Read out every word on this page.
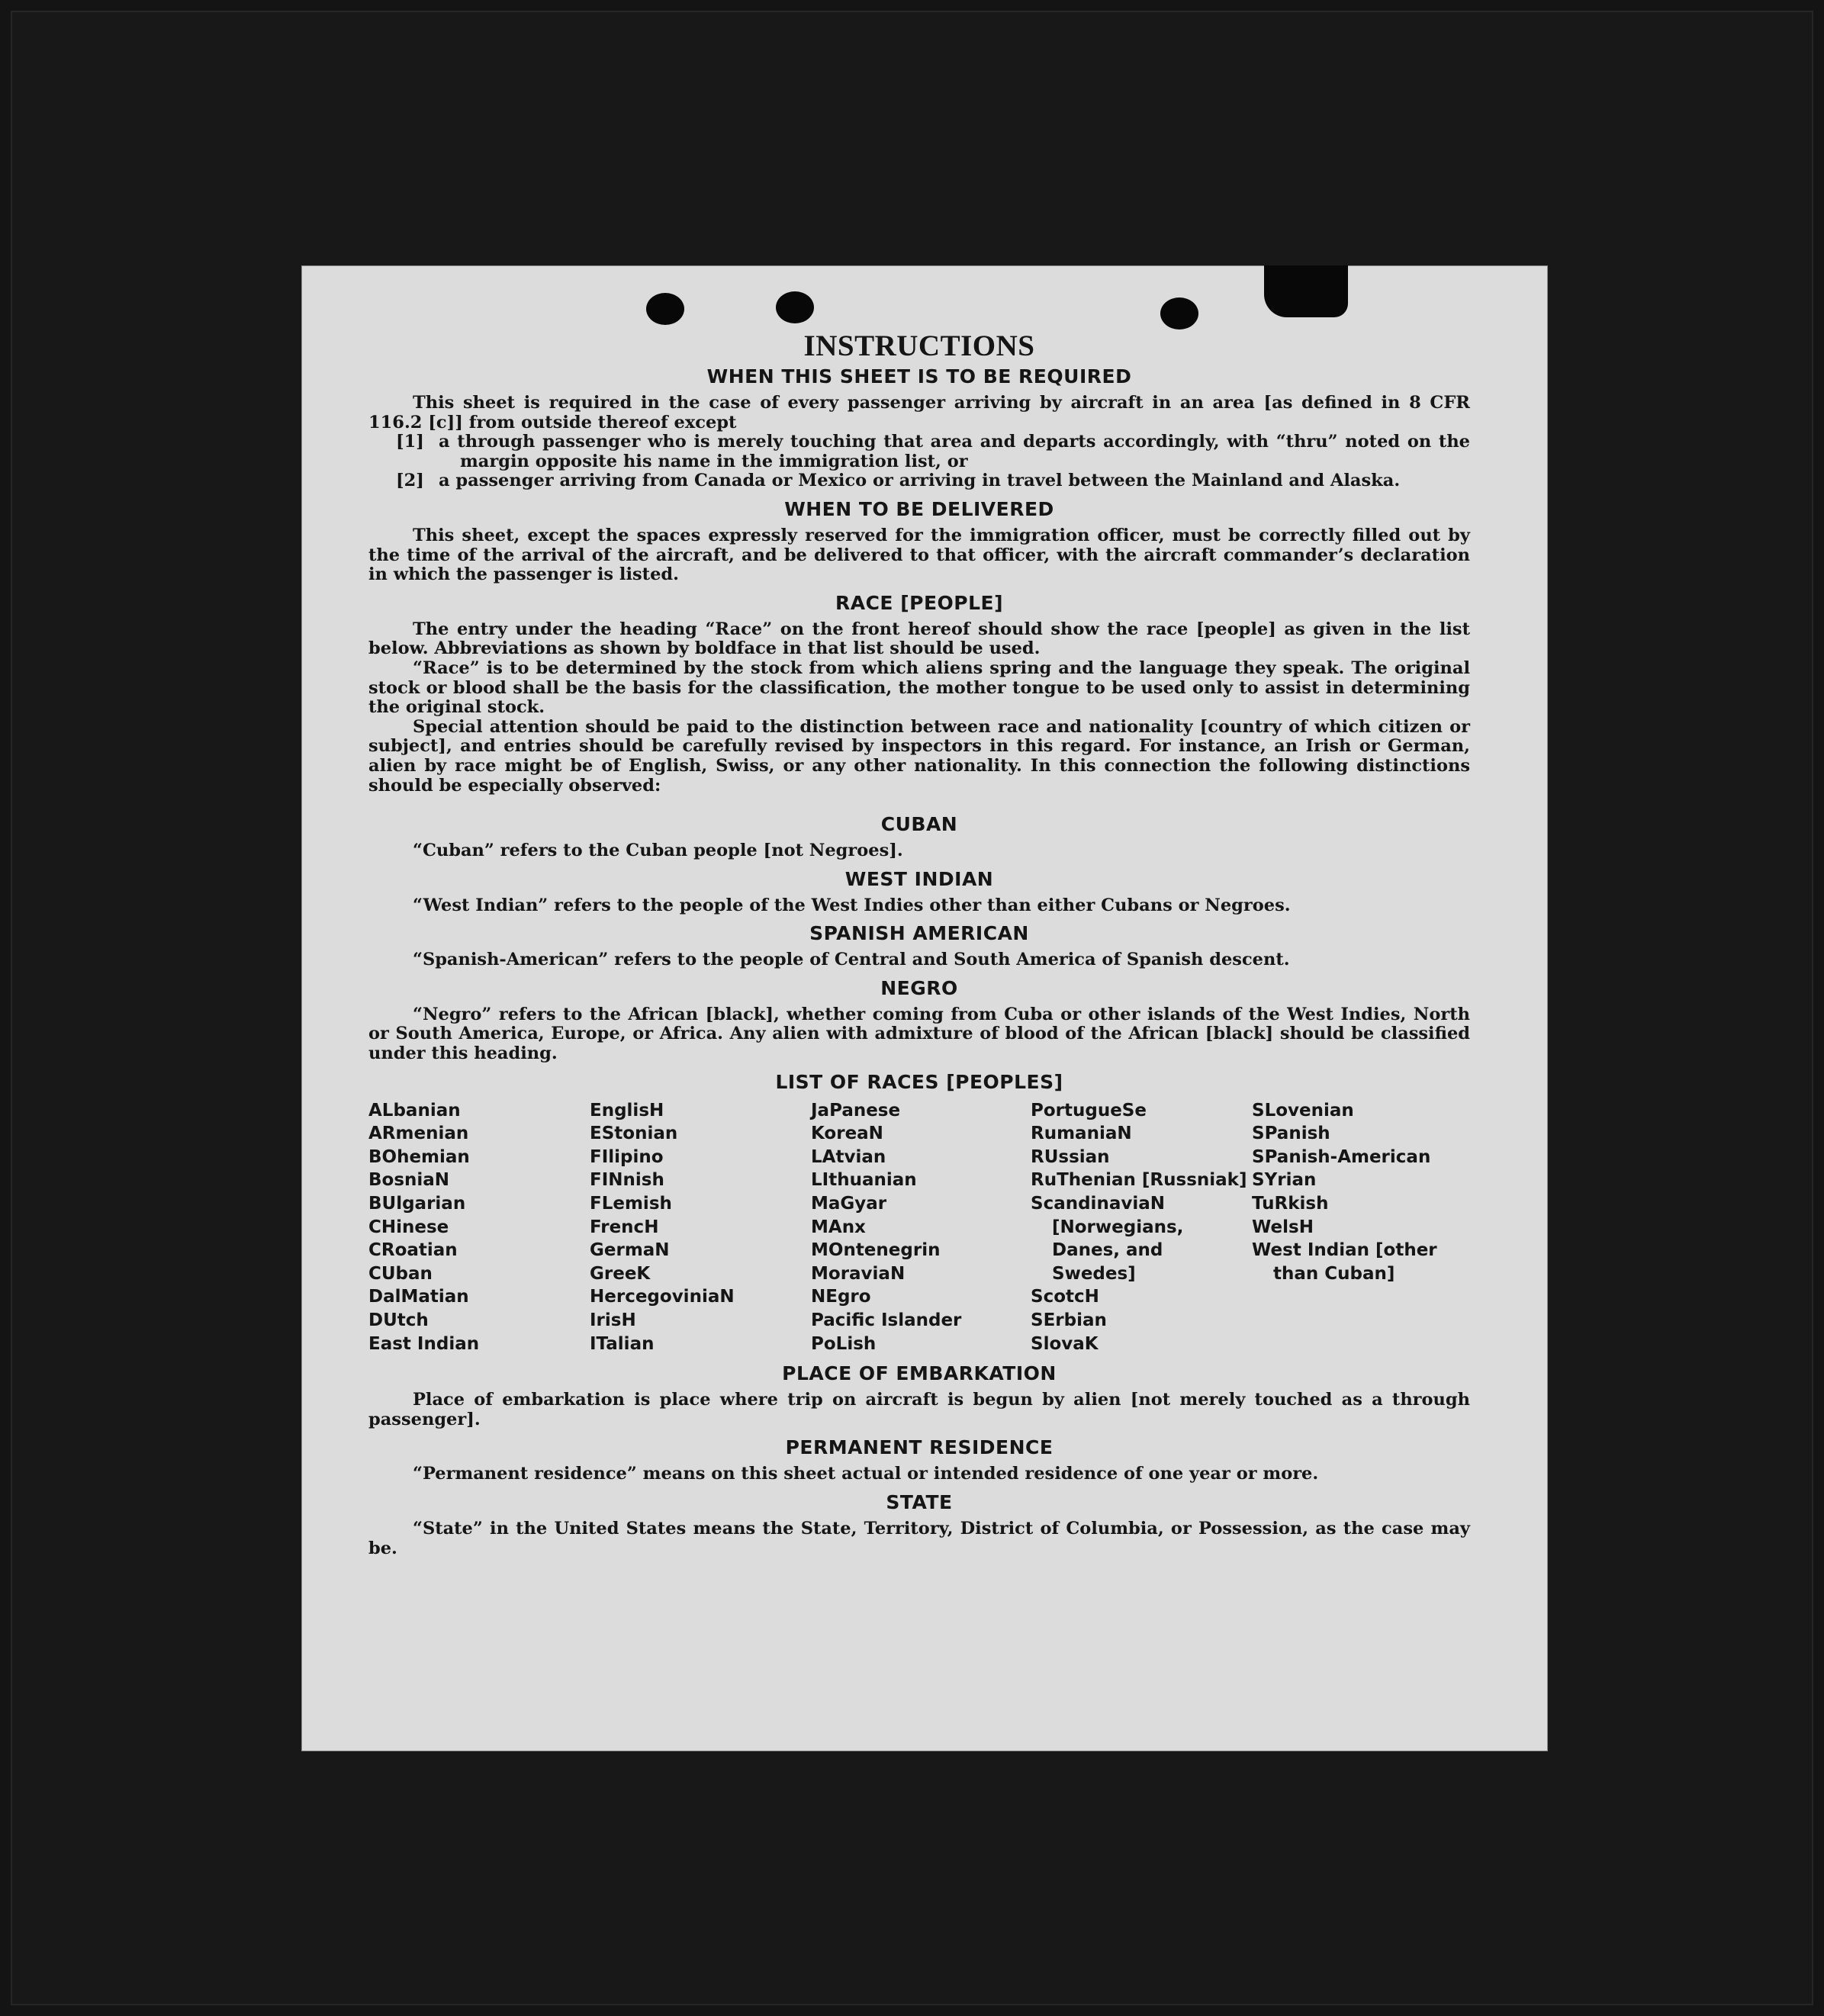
INSTRUCTIONS
WHEN THIS SHEET IS TO BE REQUIRED

This sheet is required in the case of every passenger arriving by aircraft in an area [as defined in 8 CFR 116.2 [c]] from outside thereof except

[1] a through passenger who is merely touching that area and departs accordingly, with “thru” noted on the margin opposite his name in the immigration list, or
[2] a passenger arriving from Canada or Mexico or arriving in travel between the Mainland and Alaska.
WHEN TO BE DELIVERED

This sheet, except the spaces expressly reserved for the immigration officer, must be correctly filled out by the time of the arrival of the aircraft, and be delivered to that officer, with the aircraft commander’s declaration in which the passenger is listed.

RACE [PEOPLE]

The entry under the heading “Race” on the front hereof should show the race [people] as given in the list below. Abbreviations as shown by boldface in that list should be used.

“Race” is to be determined by the stock from which aliens spring and the language they speak. The original stock or blood shall be the basis for the classification, the mother tongue to be used only to assist in determining the original stock.

Special attention should be paid to the distinction between race and nationality [country of which citizen or subject], and entries should be carefully revised by inspectors in this regard. For instance, an Irish or German, alien by race might be of English, Swiss, or any other nationality. In this connection the following distinctions should be especially observed:

CUBAN

“Cuban” refers to the Cuban people [not Negroes].

WEST INDIAN

“West Indian” refers to the people of the West Indies other than either Cubans or Negroes.

SPANISH AMERICAN

“Spanish-American” refers to the people of Central and South America of Spanish descent.

NEGRO

“Negro” refers to the African [black], whether coming from Cuba or other islands of the West Indies, North or South America, Europe, or Africa. Any alien with admixture of blood of the African [black] should be classified under this heading.

LIST OF RACES [PEOPLES]
ALbanian
ARmenian
BOhemian
BosniaN
BUlgarian
CHinese
CRoatian
CUban
DalMatian
DUtch
East Indian
EnglisH
EStonian
FIlipino
FINnish
FLemish
FrencH
GermaN
GreeK
HercegoviniaN
IrisH
ITalian
JaPanese
KoreaN
LAtvian
LIthuanian
MaGyar
MAnx
MOntenegrin
MoraviaN
NEgro
Pacific Islander
PoLish
PortugueSe
RumaniaN
RUssian
RuThenian [Russniak]
ScandinaviaN [Norwegians, Danes, and Swedes]
ScotcH
SErbian
SlovaK
SLovenian
SPanish
SPanish-American
SYrian
TuRkish
WelsH
West Indian [other than Cuban]
PLACE OF EMBARKATION

Place of embarkation is place where trip on aircraft is begun by alien [not merely touched as a through passenger].

PERMANENT RESIDENCE

“Permanent residence” means on this sheet actual or intended residence of one year or more.

STATE

“State” in the United States means the State, Territory, District of Columbia, or Possession, as the case may be.
